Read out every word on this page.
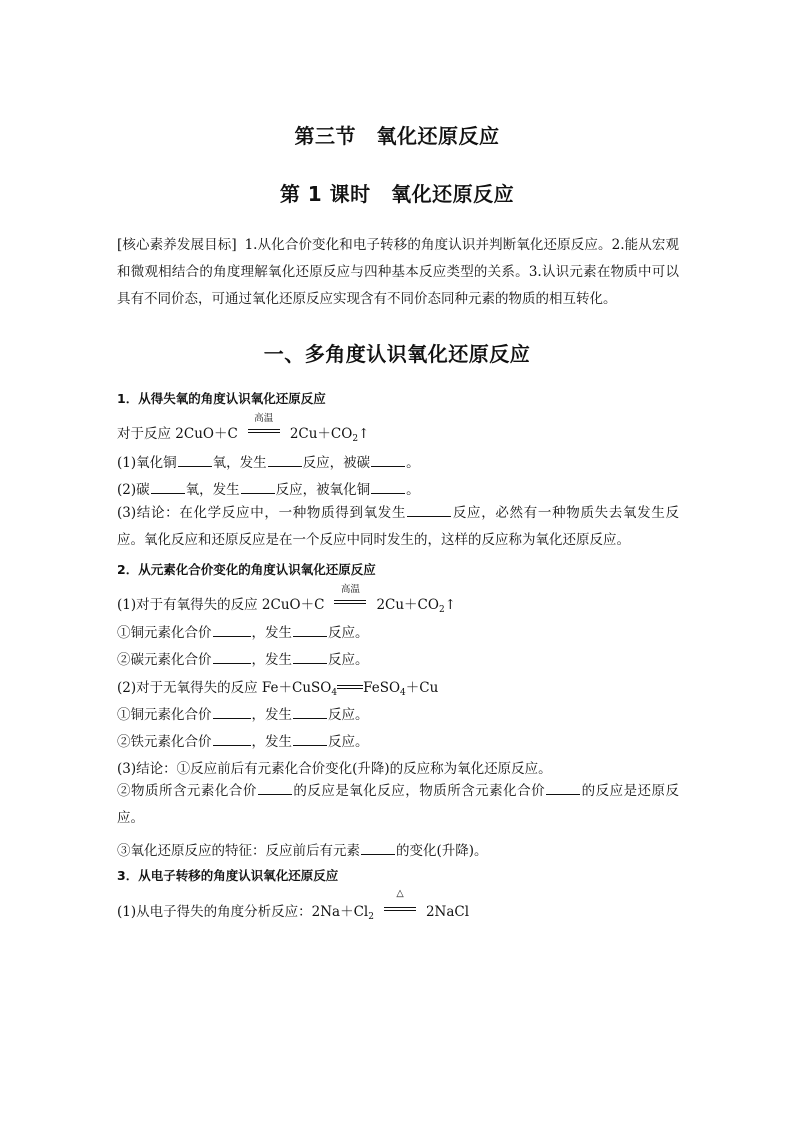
第三节　氧化还原反应
第 1 课时　氧化还原反应
[核心素养发展目标] 1.从化合价变化和电子转移的角度认识并判断氧化还原反应。2.能从宏观和微观相结合的角度理解氧化还原反应与四种基本反应类型的关系。3.认识元素在物质中可以具有不同价态，可通过氧化还原反应实现含有不同价态同种元素的物质的相互转化。
一、多角度认识氧化还原反应
1．从得失氧的角度认识氧化还原反应
对于反应 2CuO＋C
高温
$2Cu+CO_2↑$
(1)氧化铜	氧，发生	反应，被碳	。
(2)碳	氧，发生	反应，被氧化铜	。
(3)结论：在化学反应中，一种物质得到氧发生	反应，必然有一种物质失去氧发生反应。氧化反应和还原反应是在一个反应中同时发生的，这样的反应称为氧化还原反应。
2．从元素化合价变化的角度认识氧化还原反应
(1)对于有氧得失的反应 2CuO＋C
高温
$2Cu+CO_2↑$
①铜元素化合价	，发生	反应。
②碳元素化合价	，发生	反应。
(2)对于无氧得失的反应 Fe＋CuSO$_4$ FeSO$_4$＋Cu
①铜元素化合价	，发生	反应。
②铁元素化合价	，发生	反应。
(3)结论：①反应前后有元素化合价变化(升降)的反应称为氧化还原反应。
②物质所含元素化合价	的反应是氧化反应，物质所含元素化合价	的反应是还原反应。
③氧化还原反应的特征：反应前后有元素	的变化(升降)。
3．从电子转移的角度认识氧化还原反应
(1)从电子得失的角度分析反应：$2Na+Cl_2$
△
2NaCl
